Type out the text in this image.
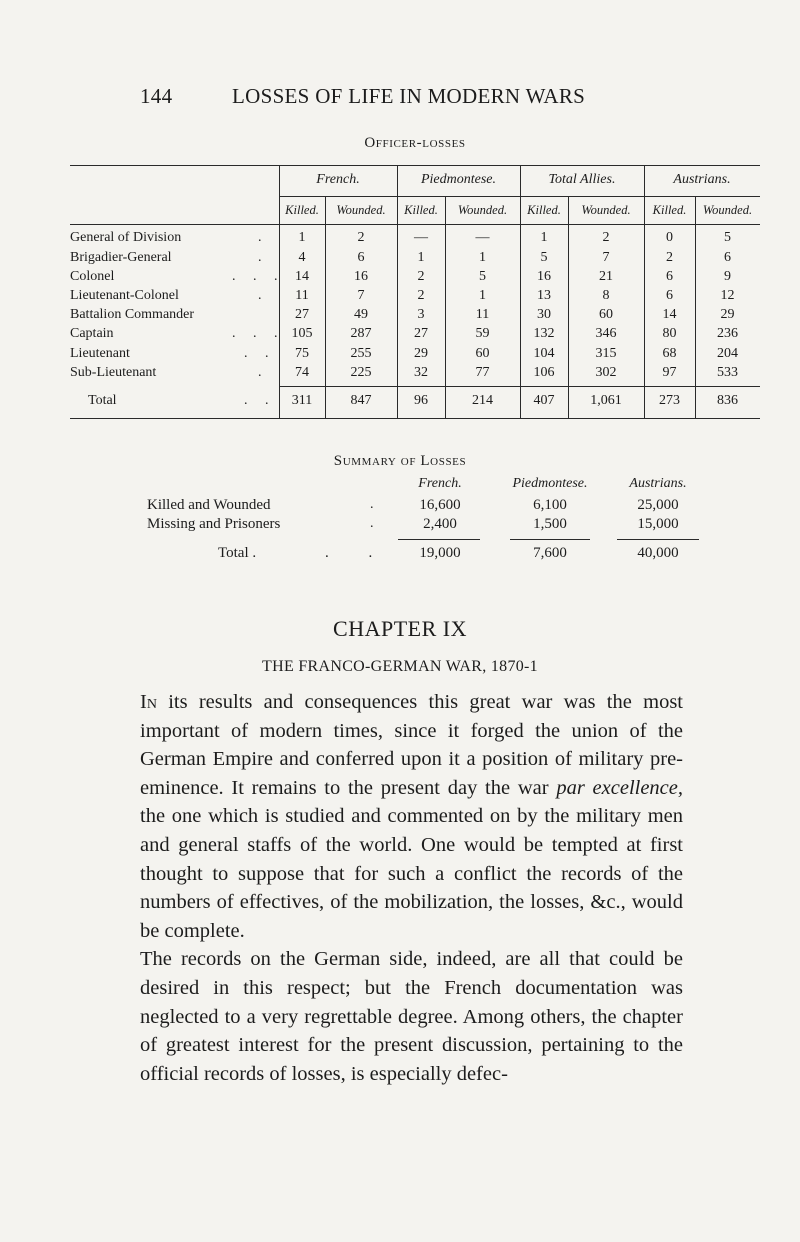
144	LOSSES OF LIFE IN MODERN WARS
Officer-losses
French.	Piedmontese.	Total Allies.	Austrians.
Killed.	Wounded.	Killed.	Wounded.	Killed.	Wounded.	Killed.	Wounded.
General of Division	.	1	2	—	—	1	2	0	5
Brigadier-General	.	4	6	1	1	5	7	2	6
Colonel	. . . 14	16	2	5	16	21	6	9
Lieutenant-Colonel	.	11	7	2	1	13	8	6	12
Battalion Commander	27	49	3	11	30	60	14	29
Captain	. . . 105	287	27	59	132	346	80	236
Lieutenant	. .	75	255	29	60	104	315	68	204
Sub-Lieutenant	.	74	225	32	77	106	302	97	533
Total	. .	311	847	96	214	407	1,061	273	836
Summary of Losses
French.	Piedmontese.	Austrians.
Killed and Wounded	.	16,600	6,100	25,000
Missing and Prisoners	.	2,400	1,500	15,000
Total .	. .	19,000	7,600	40,000
CHAPTER IX
THE FRANCO-GERMAN WAR, 1870-1

In its results and consequences this great war was the most important of modern times, since it forged the union of the German Empire and conferred upon it a position of military pre-eminence. It remains to the present day the war par excellence, the one which is studied and commented on by the military men and general staffs of the world. One would be tempted at first thought to suppose that for such a conflict the records of the numbers of effectives, of the mobilization, the losses, &c., would be complete.

The records on the German side, indeed, are all that could be desired in this respect; but the French documentation was neglected to a very regrettable degree. Among others, the chapter of greatest interest for the present discussion, pertaining to the official records of losses, is especially defec-
